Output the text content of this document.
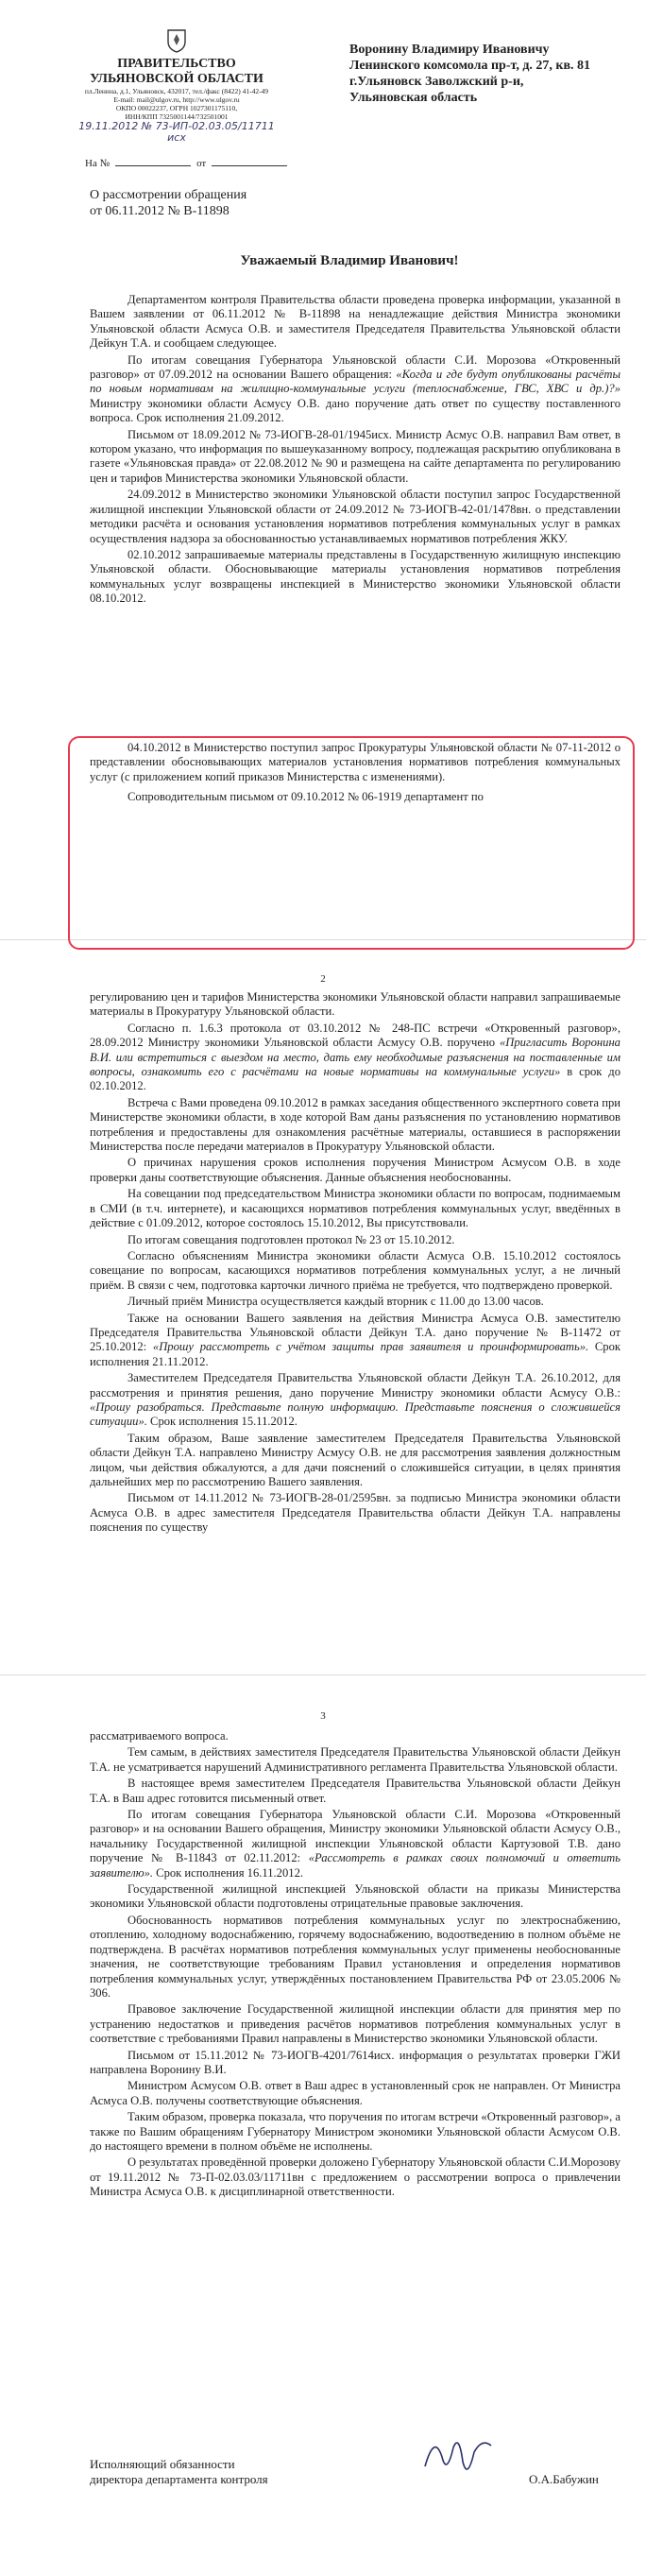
ПРАВИТЕЛЬСТВО
УЛЬЯНОВСКОЙ ОБЛАСТИ
пл.Ленина, д.1, Ульяновск, 432017, тел./факс (8422) 41-42-49
E-mail: mail@ulgov.ru, http://www.ulgov.ru
ОКПО 00022237, ОГРН 1027301175110,
ИНН/КПП 7325001144/732501001
19.11.2012 № 73-ИП-02.03.05/11711 исх
На №	от
Воронину Владимиру Ивановичу
Ленинского комсомола пр-т, д. 27, кв. 81
г.Ульяновск Заволжский р-и,
Ульяновская область
О рассмотрении обращения
от 06.11.2012 № В-11898
Уважаемый Владимир Иванович!

Департаментом контроля Правительства области проведена проверка информации, указанной в Вашем заявлении от 06.11.2012 № В-11898 на ненадлежащие действия Министра экономики Ульяновской области Асмуса О.В. и заместителя Председателя Правительства Ульяновской области Дейкун Т.А. и сообщаем следующее.

По итогам совещания Губернатора Ульяновской области С.И. Морозова «Откровенный разговор» от 07.09.2012 на основании Вашего обращения: «Когда и где будут опубликованы расчёты по новым нормативам на жилищно-коммунальные услуги (теплоснабжение, ГВС, ХВС и др.)?» Министру экономики области Асмусу О.В. дано поручение дать ответ по существу поставленного вопроса. Срок исполнения 21.09.2012.

Письмом от 18.09.2012 № 73-ИОГВ-28-01/1945исх. Министр Асмус О.В. направил Вам ответ, в котором указано, что информация по вышеуказанному вопросу, подлежащая раскрытию опубликована в газете «Ульяновская правда» от 22.08.2012 № 90 и размещена на сайте департамента по регулированию цен и тарифов Министерства экономики Ульяновской области.

24.09.2012 в Министерство экономики Ульяновской области поступил запрос Государственной жилищной инспекции Ульяновской области от 24.09.2012 № 73-ИОГВ-42-01/1478вн. о представлении методики расчёта и основания установления нормативов потребления коммунальных услуг в рамках осуществления надзора за обоснованностью устанавливаемых нормативов потребления ЖКУ.

02.10.2012 запрашиваемые материалы представлены в Государственную жилищную инспекцию Ульяновской области. Обосновывающие материалы установления нормативов потребления коммунальных услуг возвращены инспекцией в Министерство экономики Ульяновской области 08.10.2012.

04.10.2012 в Министерство поступил запрос Прокуратуры Ульяновской области № 07-11-2012 о представлении обосновывающих материалов установления нормативов потребления коммунальных услуг (с приложением копий приказов Министерства с изменениями).

Сопроводительным письмом от 09.10.2012 № 06-1919 департамент по

2

регулированию цен и тарифов Министерства экономики Ульяновской области направил запрашиваемые материалы в Прокуратуру Ульяновской области.

Согласно п. 1.6.3 протокола от 03.10.2012 № 248-ПС встречи «Откровенный разговор», 28.09.2012 Министру экономики Ульяновской области Асмусу О.В. поручено «Пригласить Воронина В.И. или встретиться с выездом на место, дать ему необходимые разъяснения на поставленные им вопросы, ознакомить его с расчётами на новые нормативы на коммунальные услуги» в срок до 02.10.2012.

Встреча с Вами проведена 09.10.2012 в рамках заседания общественного экспертного совета при Министерстве экономики области, в ходе которой Вам даны разъяснения по установлению нормативов потребления и предоставлены для ознакомления расчётные материалы, оставшиеся в распоряжении Министерства после передачи материалов в Прокуратуру Ульяновской области.

О причинах нарушения сроков исполнения поручения Министром Асмусом О.В. в ходе проверки даны соответствующие объяснения. Данные объяснения необоснованны.

На совещании под председательством Министра экономики области по вопросам, поднимаемым в СМИ (в т.ч. интернете), и касающихся нормативов потребления коммунальных услуг, введённых в действие с 01.09.2012, которое состоялось 15.10.2012, Вы присутствовали.

По итогам совещания подготовлен протокол № 23 от 15.10.2012.

Согласно объяснениям Министра экономики области Асмуса О.В. 15.10.2012 состоялось совещание по вопросам, касающихся нормативов потребления коммунальных услуг, а не личный приём. В связи с чем, подготовка карточки личного приёма не требуется, что подтверждено проверкой.

Личный приём Министра осуществляется каждый вторник с 11.00 до 13.00 часов.

Также на основании Вашего заявления на действия Министра Асмуса О.В. заместителю Председателя Правительства Ульяновской области Дейкун Т.А. дано поручение № В-11472 от 25.10.2012: «Прошу рассмотреть с учётом защиты прав заявителя и проинформировать». Срок исполнения 21.11.2012.

Заместителем Председателя Правительства Ульяновской области Дейкун Т.А. 26.10.2012, для рассмотрения и принятия решения, дано поручение Министру экономики области Асмусу О.В.: «Прошу разобраться. Представьте полную информацию. Представьте пояснения о сложившейся ситуации». Срок исполнения 15.11.2012.

Таким образом, Ваше заявление заместителем Председателя Правительства Ульяновской области Дейкун Т.А. направлено Министру Асмусу О.В. не для рассмотрения заявления должностным лицом, чьи действия обжалуются, а для дачи пояснений о сложившейся ситуации, в целях принятия дальнейших мер по рассмотрению Вашего заявления.

Письмом от 14.11.2012 № 73-ИОГВ-28-01/2595вн. за подписью Министра экономики области Асмуса О.В. в адрес заместителя Председателя Правительства области Дейкун Т.А. направлены пояснения по существу

3

рассматриваемого вопроса.

Тем самым, в действиях заместителя Председателя Правительства Ульяновской области Дейкун Т.А. не усматривается нарушений Административного регламента Правительства Ульяновской области.

В настоящее время заместителем Председателя Правительства Ульяновской области Дейкун Т.А. в Ваш адрес готовится письменный ответ.

По итогам совещания Губернатора Ульяновской области С.И. Морозова «Откровенный разговор» и на основании Вашего обращения, Министру экономики Ульяновской области Асмусу О.В., начальнику Государственной жилищной инспекции Ульяновской области Картузовой Т.В. дано поручение № В-11843 от 02.11.2012: «Рассмотреть в рамках своих полномочий и ответить заявителю». Срок исполнения 16.11.2012.

Государственной жилищной инспекцией Ульяновской области на приказы Министерства экономики Ульяновской области подготовлены отрицательные правовые заключения.

Обоснованность нормативов потребления коммунальных услуг по электроснабжению, отоплению, холодному водоснабжению, горячему водоснабжению, водоотведению в полном объёме не подтверждена. В расчётах нормативов потребления коммунальных услуг применены необоснованные значения, не соответствующие требованиям Правил установления и определения нормативов потребления коммунальных услуг, утверждённых постановлением Правительства РФ от 23.05.2006 № 306.

Правовое заключение Государственной жилищной инспекции области для принятия мер по устранению недостатков и приведения расчётов нормативов потребления коммунальных услуг в соответствие с требованиями Правил направлены в Министерство экономики Ульяновской области.

Письмом от 15.11.2012 № 73-ИОГВ-4201/7614исх. информация о результатах проверки ГЖИ направлена Воронину В.И.

Министром Асмусом О.В. ответ в Ваш адрес в установленный срок не направлен. От Министра Асмуса О.В. получены соответствующие объяснения.

Таким образом, проверка показала, что поручения по итогам встречи «Откровенный разговор», а также по Вашим обращениям Губернатору Министром экономики Ульяновской области Асмусом О.В. до настоящего времени в полном объёме не исполнены.

О результатах проведённой проверки доложено Губернатору Ульяновской области С.И.Морозову от 19.11.2012 № 73-П-02.03.03/11711вн с предложением о рассмотрении вопроса о привлечении Министра Асмуса О.В. к дисциплинарной ответственности.

Исполняющий обязанности
директора департамента контроля	О.А.Бабужин
